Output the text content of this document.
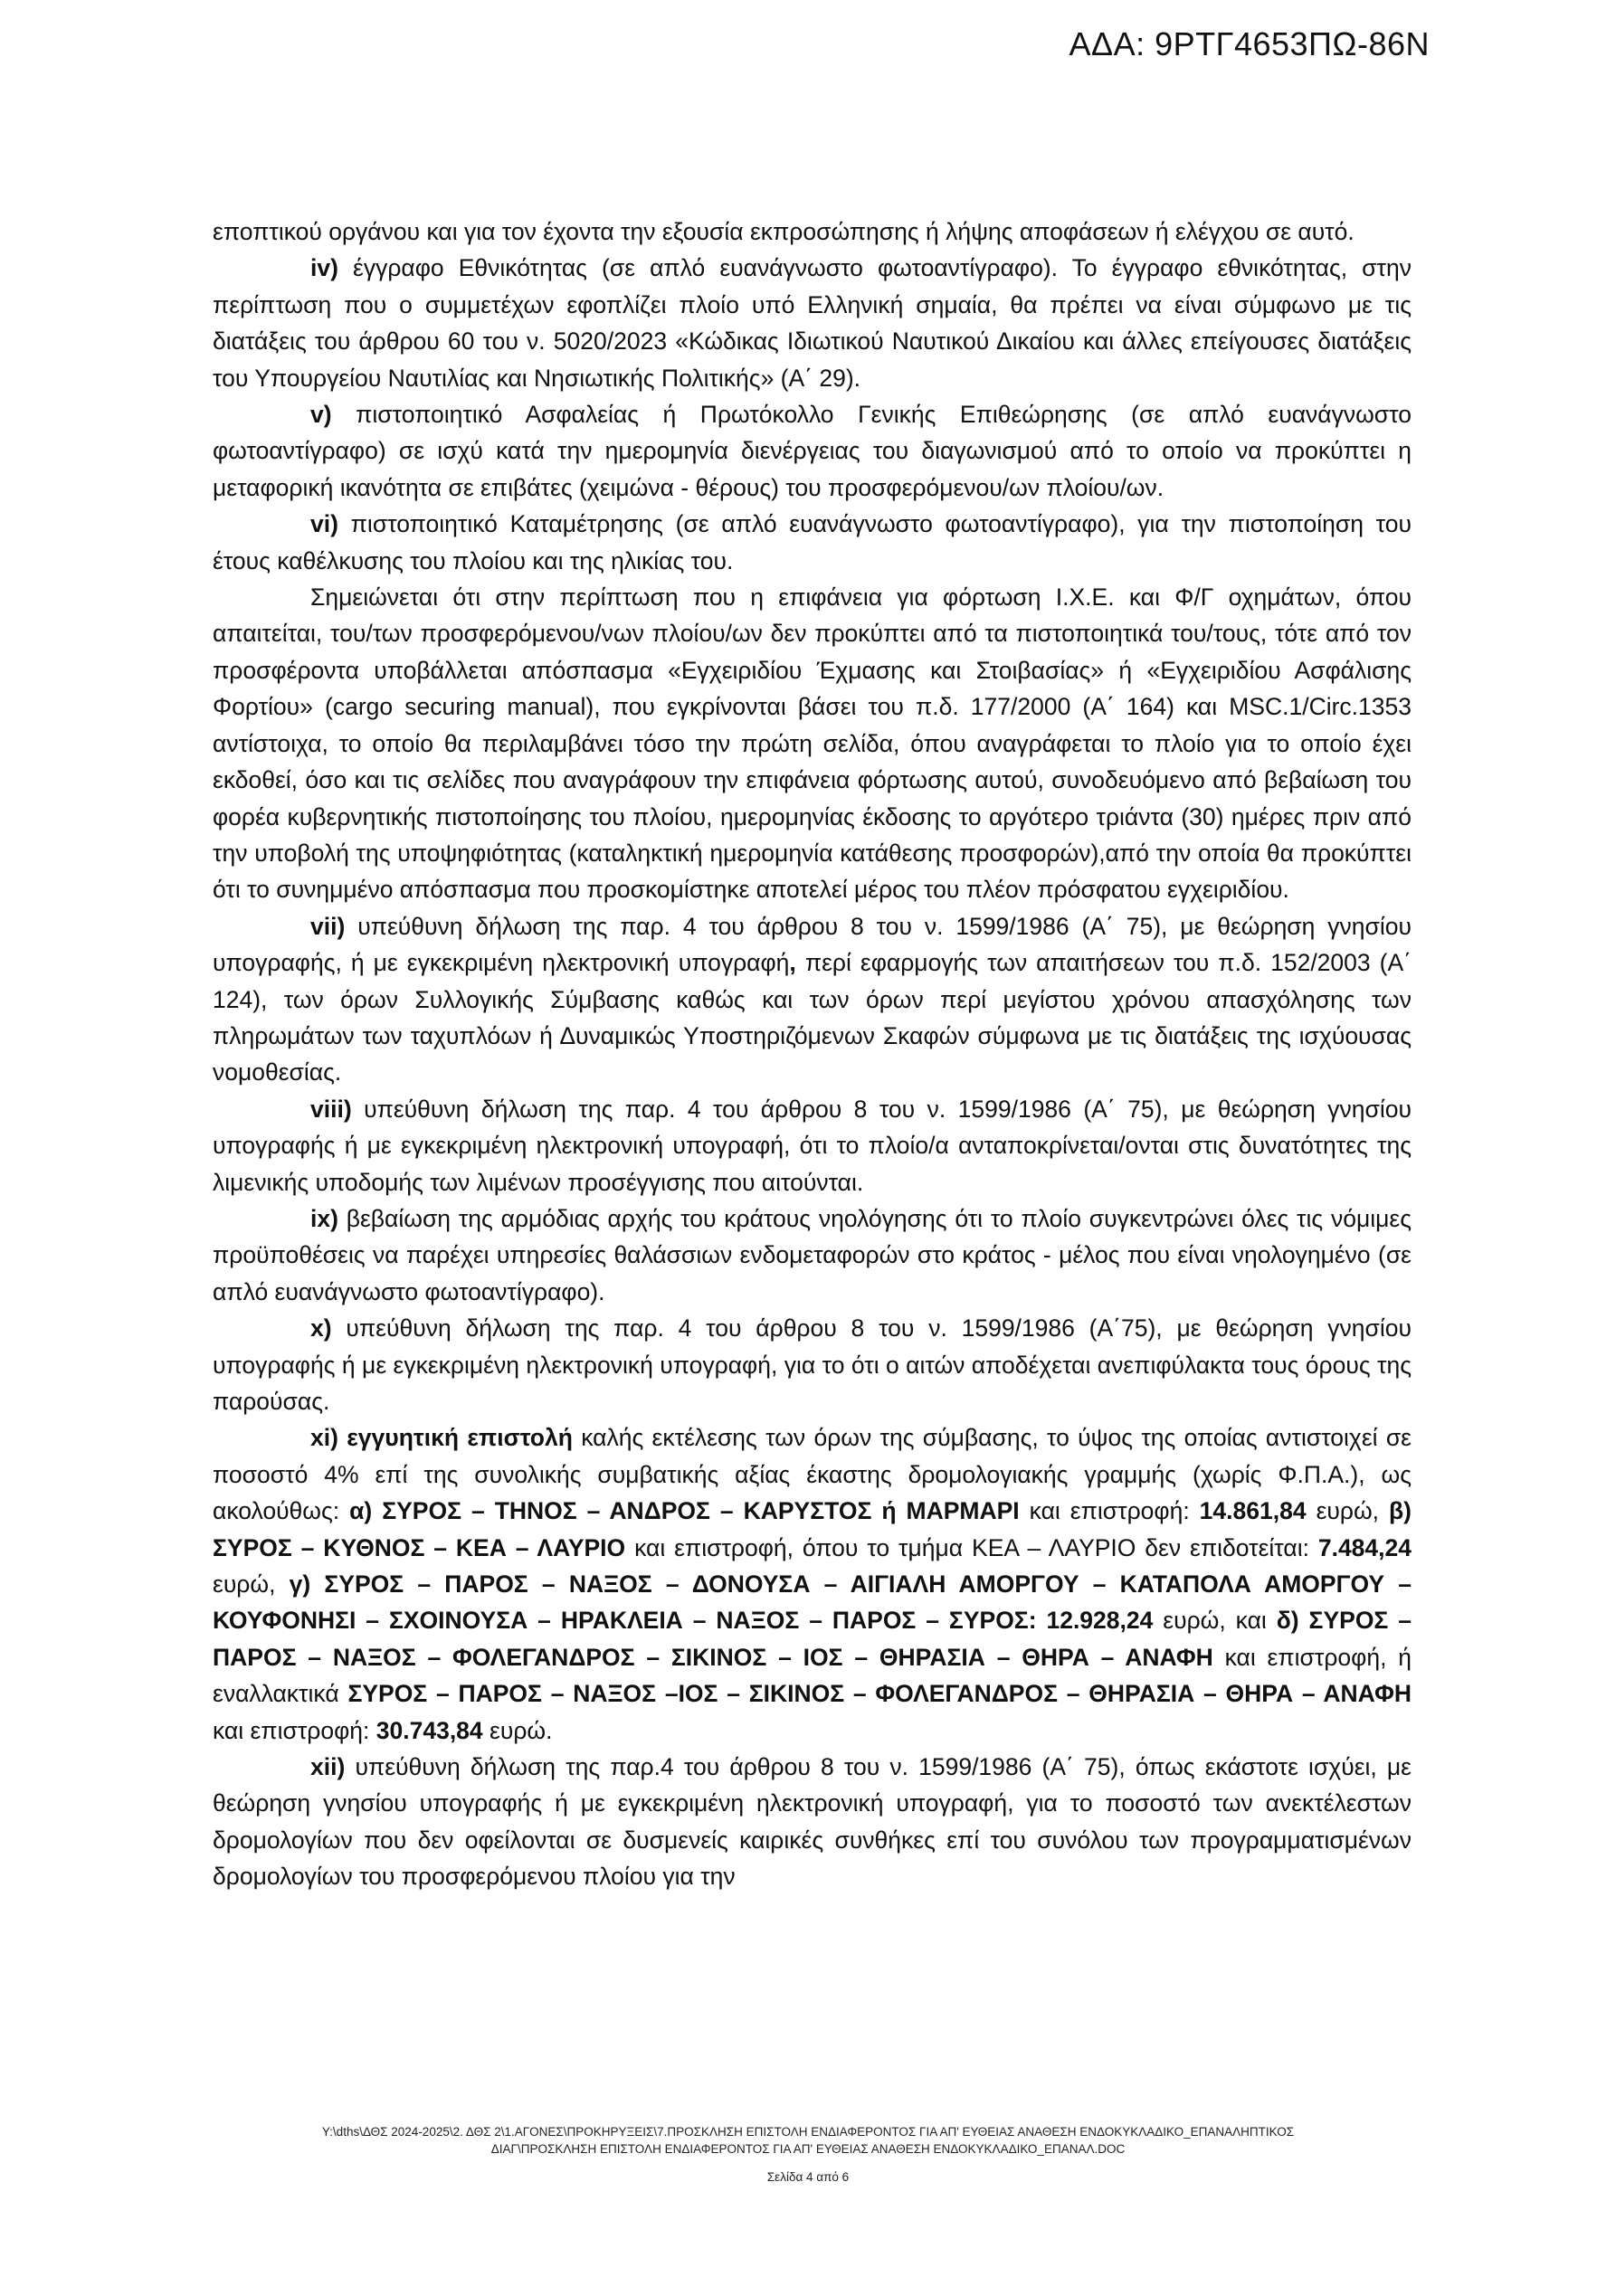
ΑΔΑ: 9ΡΤΓ4653ΠΩ-86Ν

εποπτικού οργάνου και για τον έχοντα την εξουσία εκπροσώπησης ή λήψης αποφάσεων ή ελέγχου σε αυτό.

iv) έγγραφο Εθνικότητας (σε απλό ευανάγνωστο φωτοαντίγραφο). Το έγγραφο εθνικότητας, στην περίπτωση που ο συμμετέχων εφοπλίζει πλοίο υπό Ελληνική σημαία, θα πρέπει να είναι σύμφωνο με τις διατάξεις του άρθρου 60 του ν. 5020/2023 «Κώδικας Ιδιωτικού Ναυτικού Δικαίου και άλλες επείγουσες διατάξεις του Υπουργείου Ναυτιλίας και Νησιωτικής Πολιτικής» (Α΄ 29).

v) πιστοποιητικό Ασφαλείας ή Πρωτόκολλο Γενικής Επιθεώρησης (σε απλό ευανάγνωστο φωτοαντίγραφο) σε ισχύ κατά την ημερομηνία διενέργειας του διαγωνισμού από το οποίο να προκύπτει η μεταφορική ικανότητα σε επιβάτες (χειμώνα - θέρους) του προσφερόμενου/ων πλοίου/ων.

vi) πιστοποιητικό Καταμέτρησης (σε απλό ευανάγνωστο φωτοαντίγραφο), για την πιστοποίηση του έτους καθέλκυσης του πλοίου και της ηλικίας του.

Σημειώνεται ότι στην περίπτωση που η επιφάνεια για φόρτωση Ι.Χ.Ε. και Φ/Γ οχημάτων, όπου απαιτείται, του/των προσφερόμενου/νων πλοίου/ων δεν προκύπτει από τα πιστοποιητικά του/τους, τότε από τον προσφέροντα υποβάλλεται απόσπασμα «Εγχειριδίου Έχμασης και Στοιβασίας» ή «Εγχειριδίου Ασφάλισης Φορτίου» (cargo securing manual), που εγκρίνονται βάσει του π.δ. 177/2000 (Α΄ 164) και MSC.1/Circ.1353 αντίστοιχα, το οποίο θα περιλαμβάνει τόσο την πρώτη σελίδα, όπου αναγράφεται το πλοίο για το οποίο έχει εκδοθεί, όσο και τις σελίδες που αναγράφουν την επιφάνεια φόρτωσης αυτού, συνοδευόμενο από βεβαίωση του φορέα κυβερνητικής πιστοποίησης του πλοίου, ημερομηνίας έκδοσης το αργότερο τριάντα (30) ημέρες πριν από την υποβολή της υποψηφιότητας (καταληκτική ημερομηνία κατάθεσης προσφορών),από την οποία θα προκύπτει ότι το συνημμένο απόσπασμα που προσκομίστηκε αποτελεί μέρος του πλέον πρόσφατου εγχειριδίου.

vii) υπεύθυνη δήλωση της παρ. 4 του άρθρου 8 του ν. 1599/1986 (Α΄ 75), με θεώρηση γνησίου υπογραφής, ή με εγκεκριμένη ηλεκτρονική υπογραφή, περί εφαρμογής των απαιτήσεων του π.δ. 152/2003 (Α΄ 124), των όρων Συλλογικής Σύμβασης καθώς και των όρων περί μεγίστου χρόνου απασχόλησης των πληρωμάτων των ταχυπλόων ή Δυναμικώς Υποστηριζόμενων Σκαφών σύμφωνα με τις διατάξεις της ισχύουσας νομοθεσίας.

viii) υπεύθυνη δήλωση της παρ. 4 του άρθρου 8 του ν. 1599/1986 (Α΄ 75), με θεώρηση γνησίου υπογραφής ή με εγκεκριμένη ηλεκτρονική υπογραφή, ότι το πλοίο/α ανταποκρίνεται/ονται στις δυνατότητες της λιμενικής υποδομής των λιμένων προσέγγισης που αιτούνται.

ix) βεβαίωση της αρμόδιας αρχής του κράτους νηολόγησης ότι το πλοίο συγκεντρώνει όλες τις νόμιμες προϋποθέσεις να παρέχει υπηρεσίες θαλάσσιων ενδομεταφορών στο κράτος - μέλος που είναι νηολογημένο (σε απλό ευανάγνωστο φωτοαντίγραφο).

x) υπεύθυνη δήλωση της παρ. 4 του άρθρου 8 του ν. 1599/1986 (Α΄75), με θεώρηση γνησίου υπογραφής ή με εγκεκριμένη ηλεκτρονική υπογραφή, για το ότι ο αιτών αποδέχεται ανεπιφύλακτα τους όρους της παρούσας.

xi) εγγυητική επιστολή καλής εκτέλεσης των όρων της σύμβασης, το ύψος της οποίας αντιστοιχεί σε ποσοστό 4% επί της συνολικής συμβατικής αξίας έκαστης δρομολογιακής γραμμής (χωρίς Φ.Π.Α.), ως ακολούθως: α) ΣΥΡΟΣ – ΤΗΝΟΣ – ΑΝΔΡΟΣ – ΚΑΡΥΣΤΟΣ ή ΜΑΡΜΑΡΙ και επιστροφή: 14.861,84 ευρώ, β) ΣΥΡΟΣ – ΚΥΘΝΟΣ – ΚΕΑ – ΛΑΥΡΙΟ και επιστροφή, όπου το τμήμα ΚΕΑ – ΛΑΥΡΙΟ δεν επιδοτείται: 7.484,24 ευρώ, γ) ΣΥΡΟΣ – ΠΑΡΟΣ – ΝΑΞΟΣ – ΔΟΝΟΥΣΑ – ΑΙΓΙΑΛΗ ΑΜΟΡΓΟΥ – ΚΑΤΑΠΟΛΑ ΑΜΟΡΓΟΥ – ΚΟΥΦΟΝΗΣΙ – ΣΧΟΙΝΟΥΣΑ – ΗΡΑΚΛΕΙΑ – ΝΑΞΟΣ – ΠΑΡΟΣ – ΣΥΡΟΣ: 12.928,24 ευρώ, και δ) ΣΥΡΟΣ – ΠΑΡΟΣ – ΝΑΞΟΣ – ΦΟΛΕΓΑΝΔΡΟΣ – ΣΙΚΙΝΟΣ – ΙΟΣ – ΘΗΡΑΣΙΑ – ΘΗΡΑ – ΑΝΑΦΗ και επιστροφή, ή εναλλακτικά ΣΥΡΟΣ – ΠΑΡΟΣ – ΝΑΞΟΣ –ΙΟΣ – ΣΙΚΙΝΟΣ – ΦΟΛΕΓΑΝΔΡΟΣ – ΘΗΡΑΣΙΑ – ΘΗΡΑ – ΑΝΑΦΗ και επιστροφή: 30.743,84 ευρώ.

xii) υπεύθυνη δήλωση της παρ.4 του άρθρου 8 του ν. 1599/1986 (Α΄ 75), όπως εκάστοτε ισχύει, με θεώρηση γνησίου υπογραφής ή με εγκεκριμένη ηλεκτρονική υπογραφή, για το ποσοστό των ανεκτέλεστων δρομολογίων που δεν οφείλονται σε δυσμενείς καιρικές συνθήκες επί του συνόλου των προγραμματισμένων δρομολογίων του προσφερόμενου πλοίου για την

Y:\dths\ΔΘΣ 2024-2025\2. ΔΘΣ 2\1.ΑΓΟΝΕΣ\ΠΡΟΚΗΡΥΞΕΙΣ\7.ΠΡΟΣΚΛΗΣΗ ΕΠΙΣΤΟΛΗ ΕΝΔΙΑΦΕΡΟΝΤΟΣ ΓΙΑ ΑΠ' ΕΥΘΕΙΑΣ ΑΝΑΘΕΣΗ ΕΝΔΟΚΥΚΛΑΔΙΚΟ_ΕΠΑΝΑΛΗΠΤΙΚΟΣ
ΔΙΑΓ\ΠΡΟΣΚΛΗΣΗ ΕΠΙΣΤΟΛΗ ΕΝΔΙΑΦΕΡΟΝΤΟΣ ΓΙΑ ΑΠ' ΕΥΘΕΙΑΣ ΑΝΑΘΕΣΗ ΕΝΔΟΚΥΚΛΑΔΙΚΟ_ΕΠΑΝΑΛ.DOC
Σελίδα 4 από 6
